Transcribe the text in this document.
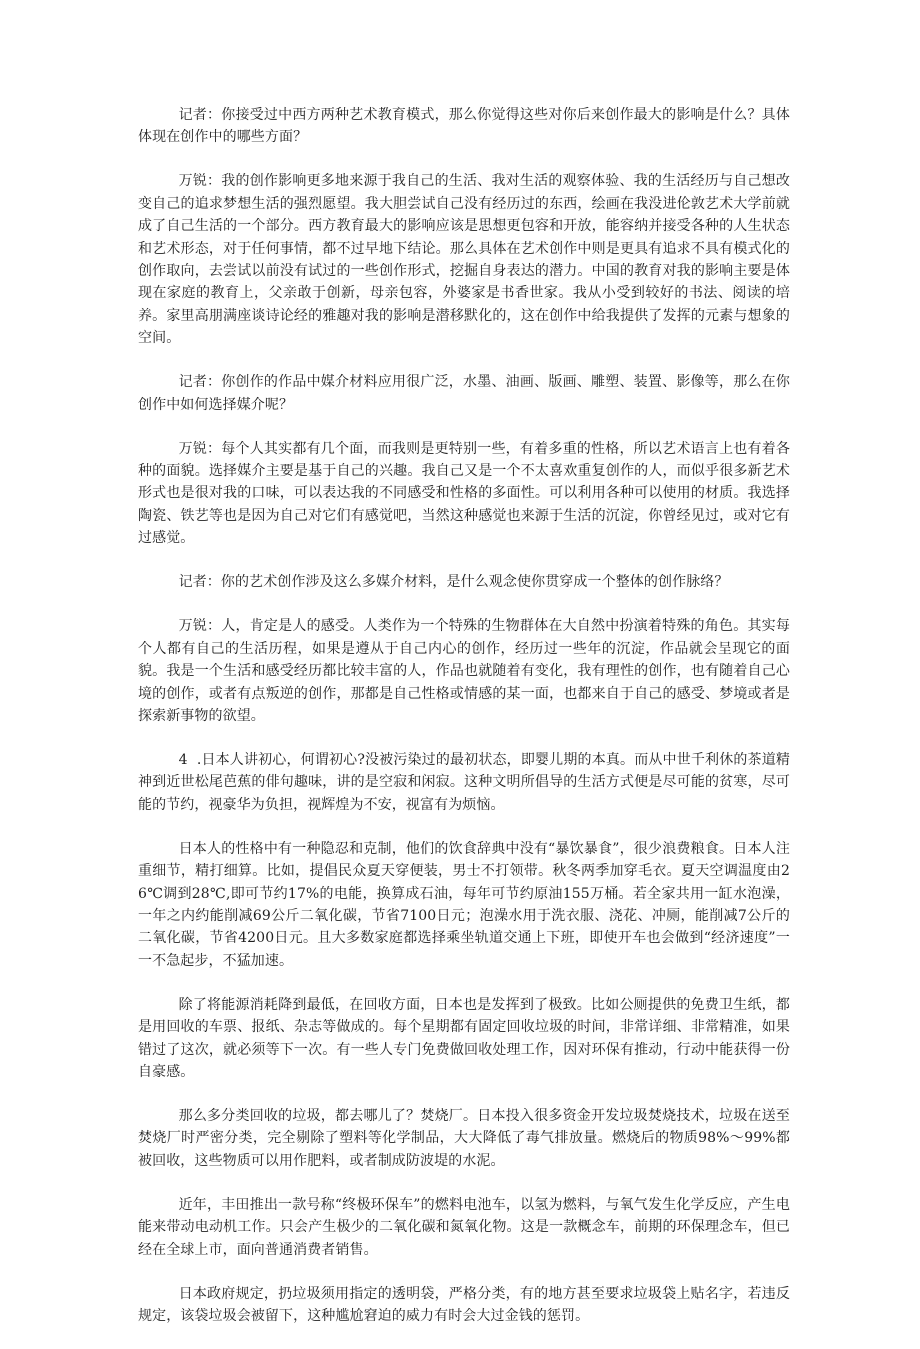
记者：你接受过中西方两种艺术教育模式，那么你觉得这些对你后来创作最大的影响是什么？具体体现在创作中的哪些方面？

万锐：我的创作影响更多地来源于我自己的生活、我对生活的观察体验、我的生活经历与自己想改变自己的追求梦想生活的强烈愿望。我大胆尝试自己没有经历过的东西，绘画在我没进伦敦艺术大学前就成了自己生活的一个部分。西方教育最大的影响应该是思想更包容和开放，能容纳并接受各种的人生状态和艺术形态，对于任何事情，都不过早地下结论。那么具体在艺术创作中则是更具有追求不具有模式化的创作取向，去尝试以前没有试过的一些创作形式，挖掘自身表达的潜力。中国的教育对我的影响主要是体现在家庭的教育上，父亲敢于创新，母亲包容，外婆家是书香世家。我从小受到较好的书法、阅读的培养。家里高朋满座谈诗论经的雅趣对我的影响是潜移默化的，这在创作中给我提供了发挥的元素与想象的空间。

记者：你创作的作品中媒介材料应用很广泛，水墨、油画、版画、雕塑、装置、影像等，那么在你创作中如何选择媒介呢？

万锐：每个人其实都有几个面，而我则是更特别一些，有着多重的性格，所以艺术语言上也有着各种的面貌。选择媒介主要是基于自己的兴趣。我自己又是一个不太喜欢重复创作的人，而似乎很多新艺术形式也是很对我的口味，可以表达我的不同感受和性格的多面性。可以利用各种可以使用的材质。我选择陶瓷、铁艺等也是因为自己对它们有感觉吧，当然这种感觉也来源于生活的沉淀，你曾经见过，或对它有过感觉。

记者：你的艺术创作涉及这么多媒介材料，是什么观念使你贯穿成一个整体的创作脉络？

万锐：人，肯定是人的感受。人类作为一个特殊的生物群体在大自然中扮演着特殊的角色。其实每个人都有自己的生活历程，如果是遵从于自己内心的创作，经历过一些年的沉淀，作品就会呈现它的面貌。我是一个生活和感受经历都比较丰富的人，作品也就随着有变化，我有理性的创作，也有随着自己心境的创作，或者有点叛逆的创作，那都是自己性格或情感的某一面，也都来自于自己的感受、梦境或者是探索新事物的欲望。

4  .日本人讲初心，何谓初心?没被污染过的最初状态，即婴儿期的本真。而从中世千利休的茶道精神到近世松尾芭蕉的俳句趣味，讲的是空寂和闲寂。这种文明所倡导的生活方式便是尽可能的贫寒，尽可能的节约，视豪华为负担，视辉煌为不安，视富有为烦恼。

日本人的性格中有一种隐忍和克制，他们的饮食辞典中没有“暴饮暴食”，很少浪费粮食。日本人注重细节，精打细算。比如，提倡民众夏天穿便装，男士不打领带。秋冬两季加穿毛衣。夏天空调温度由26℃调到28℃,即可节约17%的电能，换算成石油，每年可节约原油155万桶。若全家共用一缸水泡澡，一年之内约能削减69公斤二氧化碳，节省7100日元；泡澡水用于洗衣服、浇花、冲厕，能削减7公斤的二氧化碳，节省4200日元。且大多数家庭都选择乘坐轨道交通上下班，即使开车也会做到“经济速度”一一不急起步，不猛加速。

除了将能源消耗降到最低，在回收方面，日本也是发挥到了极致。比如公厕提供的免费卫生纸，都是用回收的车票、报纸、杂志等做成的。每个星期都有固定回收垃圾的时间，非常详细、非常精准，如果错过了这次，就必须等下一次。有一些人专门免费做回收处理工作，因对环保有推动，行动中能获得一份自豪感。

那么多分类回收的垃圾，都去哪儿了？焚烧厂。日本投入很多资金开发垃圾焚烧技术，垃圾在送至焚烧厂时严密分类，完全剔除了塑料等化学制品，大大降低了毒气排放量。燃烧后的物质98%〜99%都被回收，这些物质可以用作肥料，或者制成防波堤的水泥。

近年，丰田推出一款号称“终极环保车”的燃料电池车，以氢为燃料，与氧气发生化学反应，产生电能来带动电动机工作。只会产生极少的二氧化碳和氮氧化物。这是一款概念车，前期的环保理念车，但已经在全球上市，面向普通消费者销售。

日本政府规定，扔垃圾须用指定的透明袋，严格分类，有的地方甚至要求垃圾袋上贴名字，若违反规定，该袋垃圾会被留下，这种尴尬窘迫的威力有时会大过金钱的惩罚。
